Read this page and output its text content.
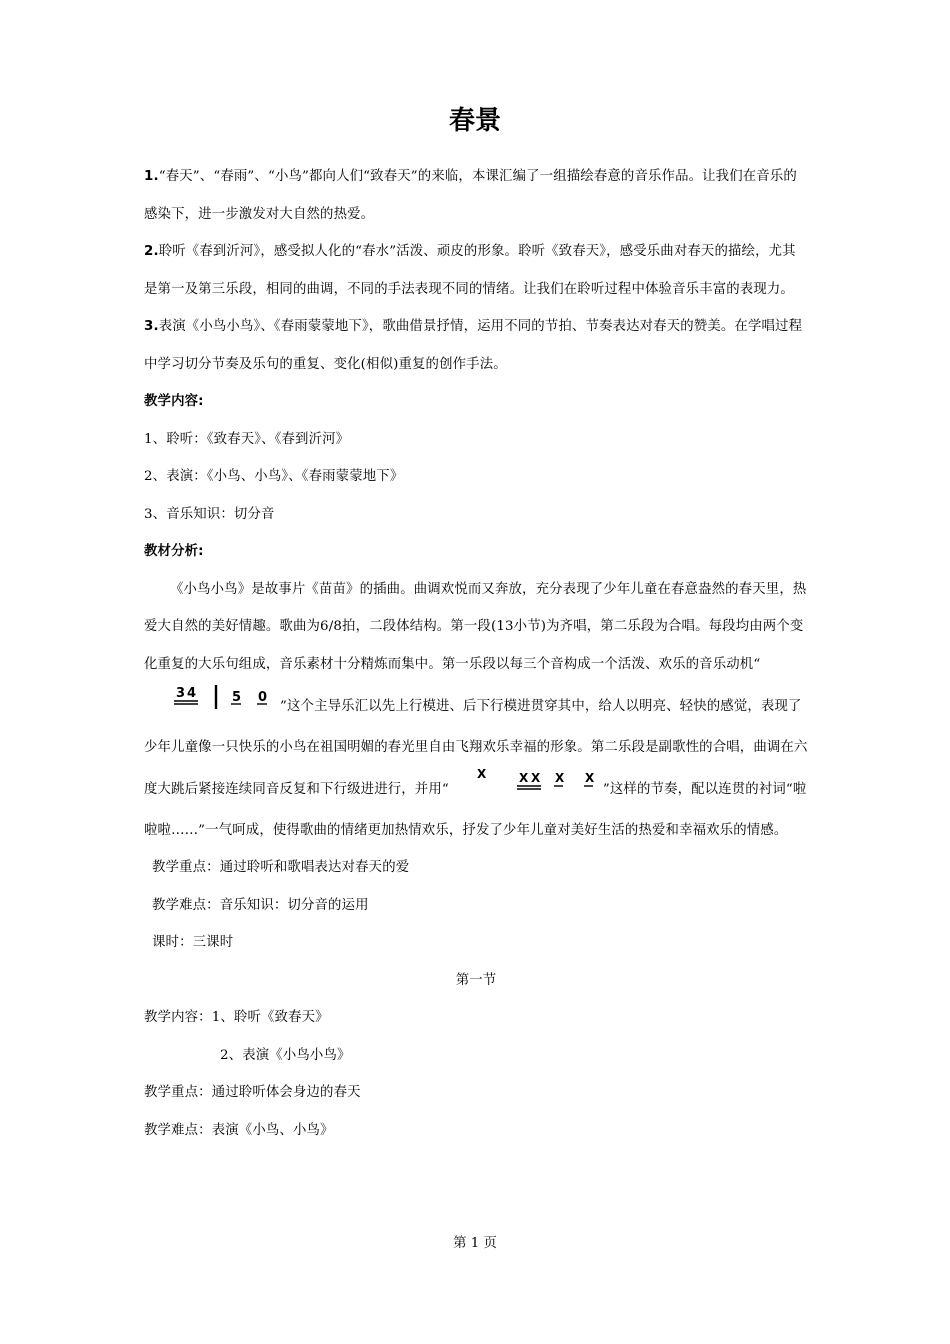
春景

1.“春天”、“春雨”、“小鸟”都向人们“致春天”的来临，本课汇编了一组描绘春意的音乐作品。让我们在音乐的感染下，进一步激发对大自然的热爱。

2.聆听《春到沂河》，感受拟人化的“春水”活泼、顽皮的形象。聆听《致春天》，感受乐曲对春天的描绘，尤其是第一及第三乐段，相同的曲调，不同的手法表现不同的情绪。让我们在聆听过程中体验音乐丰富的表现力。

3.表演《小鸟小鸟》、《春雨蒙蒙地下》，歌曲借景抒情，运用不同的节拍、节奏表达对春天的赞美。在学唱过程中学习切分节奏及乐句的重复、变化(相似)重复的创作手法。

教学内容:

1、聆听：《致春天》、《春到沂河》

2、表演：《小鸟、小鸟》、《春雨蒙蒙地下》

3、音乐知识：切分音

教材分析:

《小鸟小鸟》是故事片《苗苗》的插曲。曲调欢悦而又奔放，充分表现了少年儿童在春意盎然的春天里，热爱大自然的美好情趣。歌曲为6/8拍，二段体结构。第一段(13小节)为齐唱，第二乐段为合唱。每段均由两个变化重复的大乐句组成，音乐素材十分精炼而集中。第一乐段以每三个音构成一个活泼、欢乐的音乐动机“
3 4	5 0
”这个主导乐汇以先上行模进、后下行模进贯穿其中，给人以明亮、轻快的感觉，表现了少年儿童像一只快乐的小鸟在祖国明媚的春光里自由飞翔欢乐幸福的形象。第二乐段是副歌性的合唱，曲调在六度大跳后紧接连续同音反复和下行级进进行，并用“
X	X X X X
”这样的节奏，配以连贯的衬词“啦啦啦……”一气呵成，使得歌曲的情绪更加热情欢乐，抒发了少年儿童对美好生活的热爱和幸福欢乐的情感。

教学重点：通过聆听和歌唱表达对春天的爱

教学难点：音乐知识：切分音的运用

课时：三课时

第一节

教学内容：1、聆听《致春天》

2、表演《小鸟小鸟》

教学重点：通过聆听体会身边的春天

教学难点：表演《小鸟、小鸟》

第 1 页
